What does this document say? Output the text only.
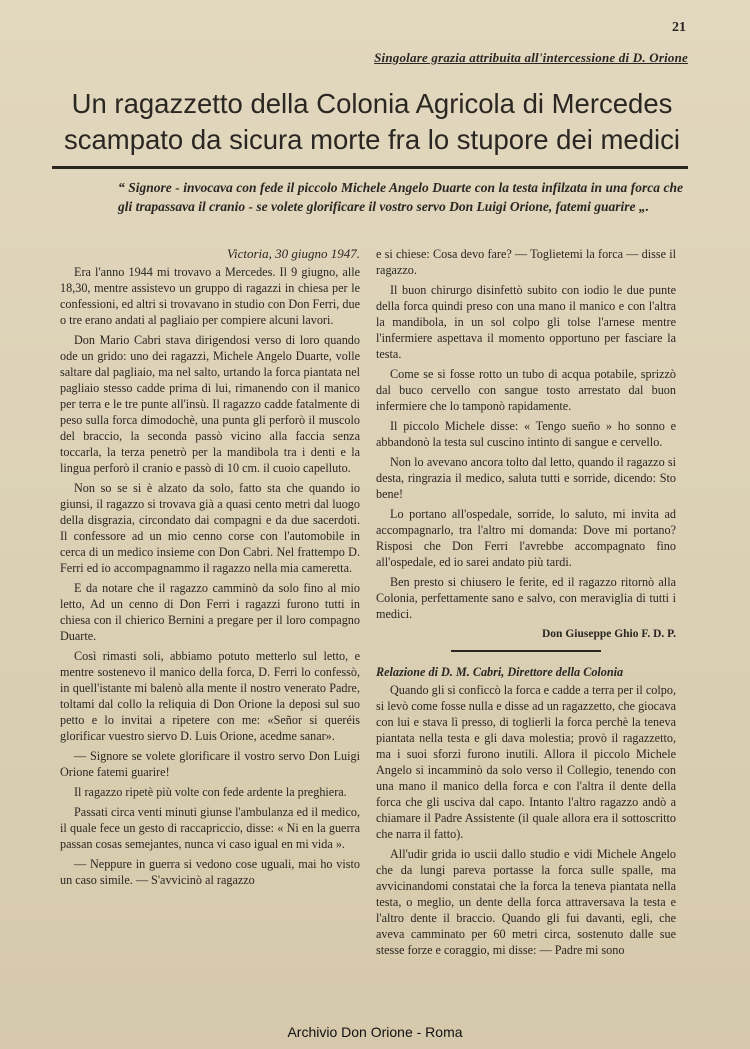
21
Singolare grazia attribuita all'intercessione di D. Orione
Un ragazzetto della Colonia Agricola di Mercedes scampato da sicura morte fra lo stupore dei medici

“ Signore - invocava con fede il piccolo Michele Angelo Duarte con la testa infilzata in una forca che gli trapassava il cranio - se volete glorificare il vostro servo Don Luigi Orione, fatemi guarire „.

Victoria, 30 giugno 1947.

Era l'anno 1944 mi trovavo a Mercedes. Il 9 giugno, alle 18,30, mentre assistevo un gruppo di ragazzi in chiesa per le confessioni, ed altri si trovavano in studio con Don Ferri, due o tre erano andati al pagliaio per compiere alcuni lavori.

Don Mario Cabri stava dirigendosi verso di loro quando ode un grido: uno dei ragazzi, Michele Angelo Duarte, volle saltare dal pagliaio, ma nel salto, urtando la forca piantata nel pagliaio stesso cadde prima di lui, rimanendo con il manico per terra e le tre punte all'insù. Il ragazzo cadde fatalmente di peso sulla forca dimodochè, una punta gli perforò il muscolo del braccio, la seconda passò vicino alla faccia senza toccarla, la terza penetrò per la mandibola tra i denti e la lingua perforò il cranio e passò di 10 cm. il cuoio capelluto.

Non so se si è alzato da solo, fatto sta che quando io giunsi, il ragazzo si trovava già a quasi cento metri dal luogo della disgrazia, circondato dai compagni e da due sacerdoti. Il confessore ad un mio cenno corse con l'automobile in cerca di un medico insieme con Don Cabri. Nel frattempo D. Ferri ed io accompagnammo il ragazzo nella mia cameretta.

E da notare che il ragazzo camminò da solo fino al mio letto, Ad un cenno di Don Ferri i ragazzi furono tutti in chiesa con il chierico Bernini a pregare per il loro compagno Duarte.

Così rimasti soli, abbiamo potuto metterlo sul letto, e mentre sostenevo il manico della forca, D. Ferri lo confessò, in quell'istante mi balenò alla mente il nostro venerato Padre, toltami dal collo la reliquia di Don Orione la deposi sul suo petto e lo invitai a ripetere con me: «Señor si queréis glorificar vuestro siervo D. Luis Orione, acedme sanar».

— Signore se volete glorificare il vostro servo Don Luigi Orione fatemi guarire!

Il ragazzo ripetè più volte con fede ardente la preghiera.

Passati circa venti minuti giunse l'ambulanza ed il medico, il quale fece un gesto di raccapriccio, disse: « Ni en la guerra passan cosas semejantes, nunca vi caso igual en mi vida ».

— Neppure in guerra si vedono cose uguali, mai ho visto un caso simile. — S'avvicinò al ragazzo

e si chiese: Cosa devo fare? — Toglietemi la forca — disse il ragazzo.

Il buon chirurgo disinfettò subito con iodio le due punte della forca quindi preso con una mano il manico e con l'altra la mandibola, in un sol colpo gli tolse l'arnese mentre l'infermiere aspettava il momento opportuno per fasciare la testa.

Come se si fosse rotto un tubo di acqua potabile, sprizzò dal buco cervello con sangue tosto arrestato dal buon infermiere che lo tamponò rapidamente.

Il piccolo Michele disse: « Tengo sueño » ho sonno e abbandonò la testa sul cuscino intinto di sangue e cervello.

Non lo avevano ancora tolto dal letto, quando il ragazzo si desta, ringrazia il medico, saluta tutti e sorride, dicendo: Sto bene!

Lo portano all'ospedale, sorride, lo saluto, mi invita ad accompagnarlo, tra l'altro mi domanda: Dove mi portano? Risposi che Don Ferri l'avrebbe accompagnato fino all'ospedale, ed io sarei andato più tardi.

Ben presto si chiusero le ferite, ed il ragazzo ritornò alla Colonia, perfettamente sano e salvo, con meraviglia di tutti i medici.

Don Giuseppe Ghio F. D. P.

Relazione di D. M. Cabri, Direttore della Colonia

Quando gli si conficcò la forca e cadde a terra per il colpo, si levò come fosse nulla e disse ad un ragazzetto, che giocava con lui e stava lì presso, di toglierli la forca perchè la teneva piantata nella testa e gli dava molestia; provò il ragazzetto, ma i suoi sforzi furono inutili. Allora il piccolo Michele Angelo si incamminò da solo verso il Collegio, tenendo con una mano il manico della forca e con l'altra il dente della forca che gli usciva dal capo. Intanto l'altro ragazzo andò a chiamare il Padre Assistente (il quale allora era il sottoscritto che narra il fatto).

All'udir grida io uscii dallo studio e vidi Michele Angelo che da lungi pareva portasse la forca sulle spalle, ma avvicinandomi constatai che la forca la teneva piantata nella testa, o meglio, un dente della forca attraversava la testa e l'altro dente il braccio. Quando gli fui davanti, egli, che aveva camminato per 60 metri circa, sostenuto dalle sue stesse forze e coraggio, mi disse: — Padre mi sono

Archivio Don Orione - Roma
